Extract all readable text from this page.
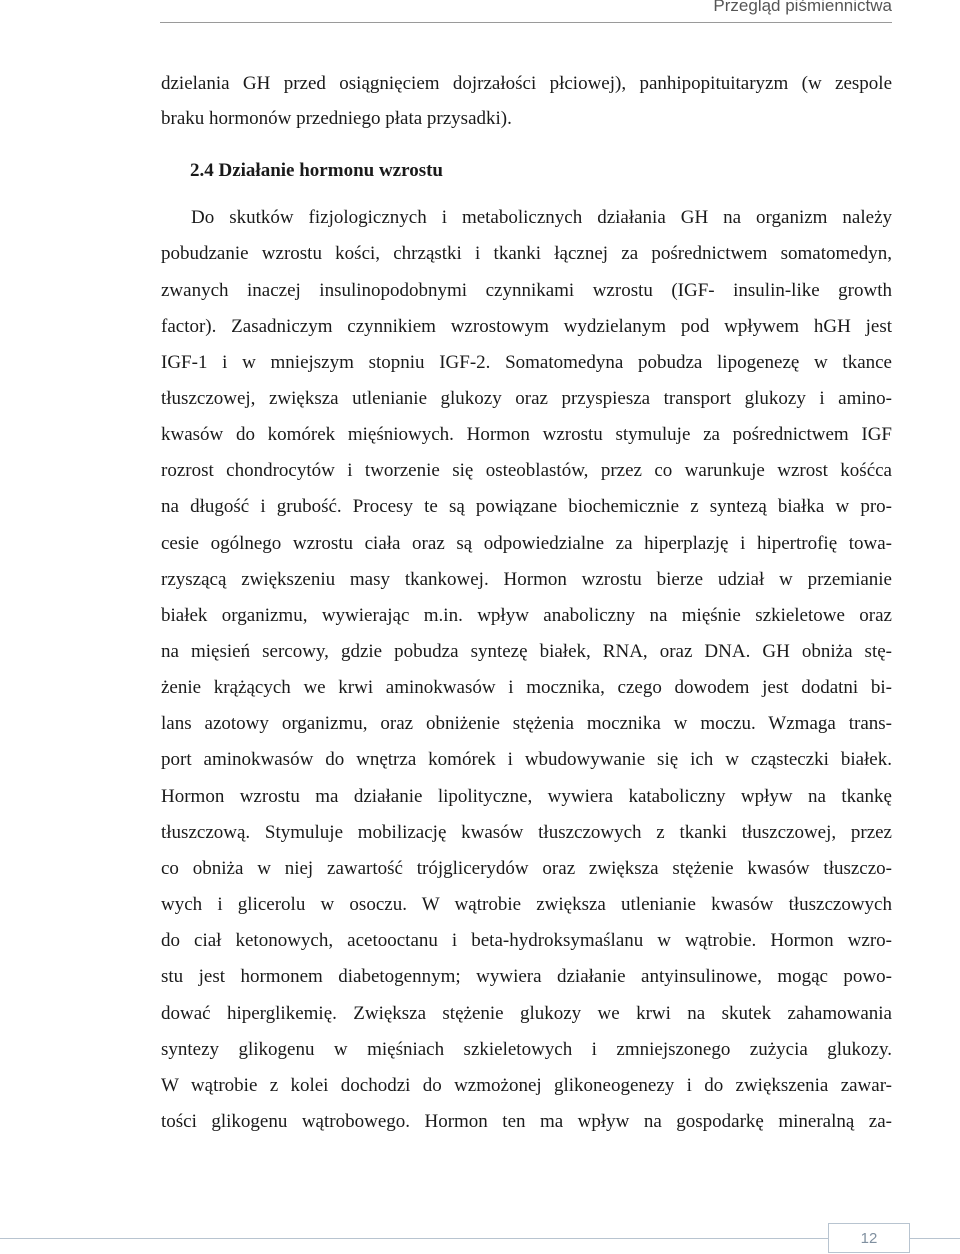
Przegląd piśmiennictwa
dzielania GH przed osiągnięciem dojrzałości płciowej), panhipopituitaryzm (w zespole
braku hormonów przedniego płata przysadki).
2.4 Działanie hormonu wzrostu
Do skutków fizjologicznych i metabolicznych działania GH na organizm należy
pobudzanie wzrostu kości, chrząstki i tkanki łącznej za pośrednictwem somatomedyn,
zwanych inaczej insulinopodobnymi czynnikami wzrostu (IGF- insulin-like growth
factor). Zasadniczym czynnikiem wzrostowym wydzielanym pod wpływem hGH jest
IGF-1 i w mniejszym stopniu IGF-2. Somatomedyna pobudza lipogenezę w tkance
tłuszczowej, zwiększa utlenianie glukozy oraz przyspiesza transport glukozy i amino-
kwasów do komórek mięśniowych. Hormon wzrostu stymuluje za pośrednictwem IGF
rozrost chondrocytów i tworzenie się osteoblastów, przez co warunkuje wzrost kośćca
na długość i grubość. Procesy te są powiązane biochemicznie z syntezą białka w pro-
cesie ogólnego wzrostu ciała oraz są odpowiedzialne za hiperplazję i hipertrofię towa-
rzyszącą zwiększeniu masy tkankowej. Hormon wzrostu bierze udział w przemianie
białek organizmu, wywierając m.in. wpływ anaboliczny na mięśnie szkieletowe oraz
na mięsień sercowy, gdzie pobudza syntezę białek, RNA, oraz DNA. GH obniża stę-
żenie krążących we krwi aminokwasów i mocznika, czego dowodem jest dodatni bi-
lans azotowy organizmu, oraz obniżenie stężenia mocznika w moczu. Wzmaga trans-
port aminokwasów do wnętrza komórek i wbudowywanie się ich w cząsteczki białek.
Hormon wzrostu ma działanie lipolityczne, wywiera kataboliczny wpływ na tkankę
tłuszczową. Stymuluje mobilizację kwasów tłuszczowych z tkanki tłuszczowej, przez
co obniża w niej zawartość trójglicerydów oraz zwiększa stężenie kwasów tłuszczo-
wych i glicerolu w osoczu. W wątrobie zwiększa utlenianie kwasów tłuszczowych
do ciał ketonowych, acetooctanu i beta-hydroksymaślanu w wątrobie. Hormon wzro-
stu jest hormonem diabetogennym; wywiera działanie antyinsulinowe, mogąc powo-
dować hiperglikemię. Zwiększa stężenie glukozy we krwi na skutek zahamowania
syntezy glikogenu w mięśniach szkieletowych i zmniejszonego zużycia glukozy.
W wątrobie z kolei dochodzi do wzmożonej glikoneogenezy i do zwiększenia zawar-
tości glikogenu wątrobowego. Hormon ten ma wpływ na gospodarkę mineralną za-
12
